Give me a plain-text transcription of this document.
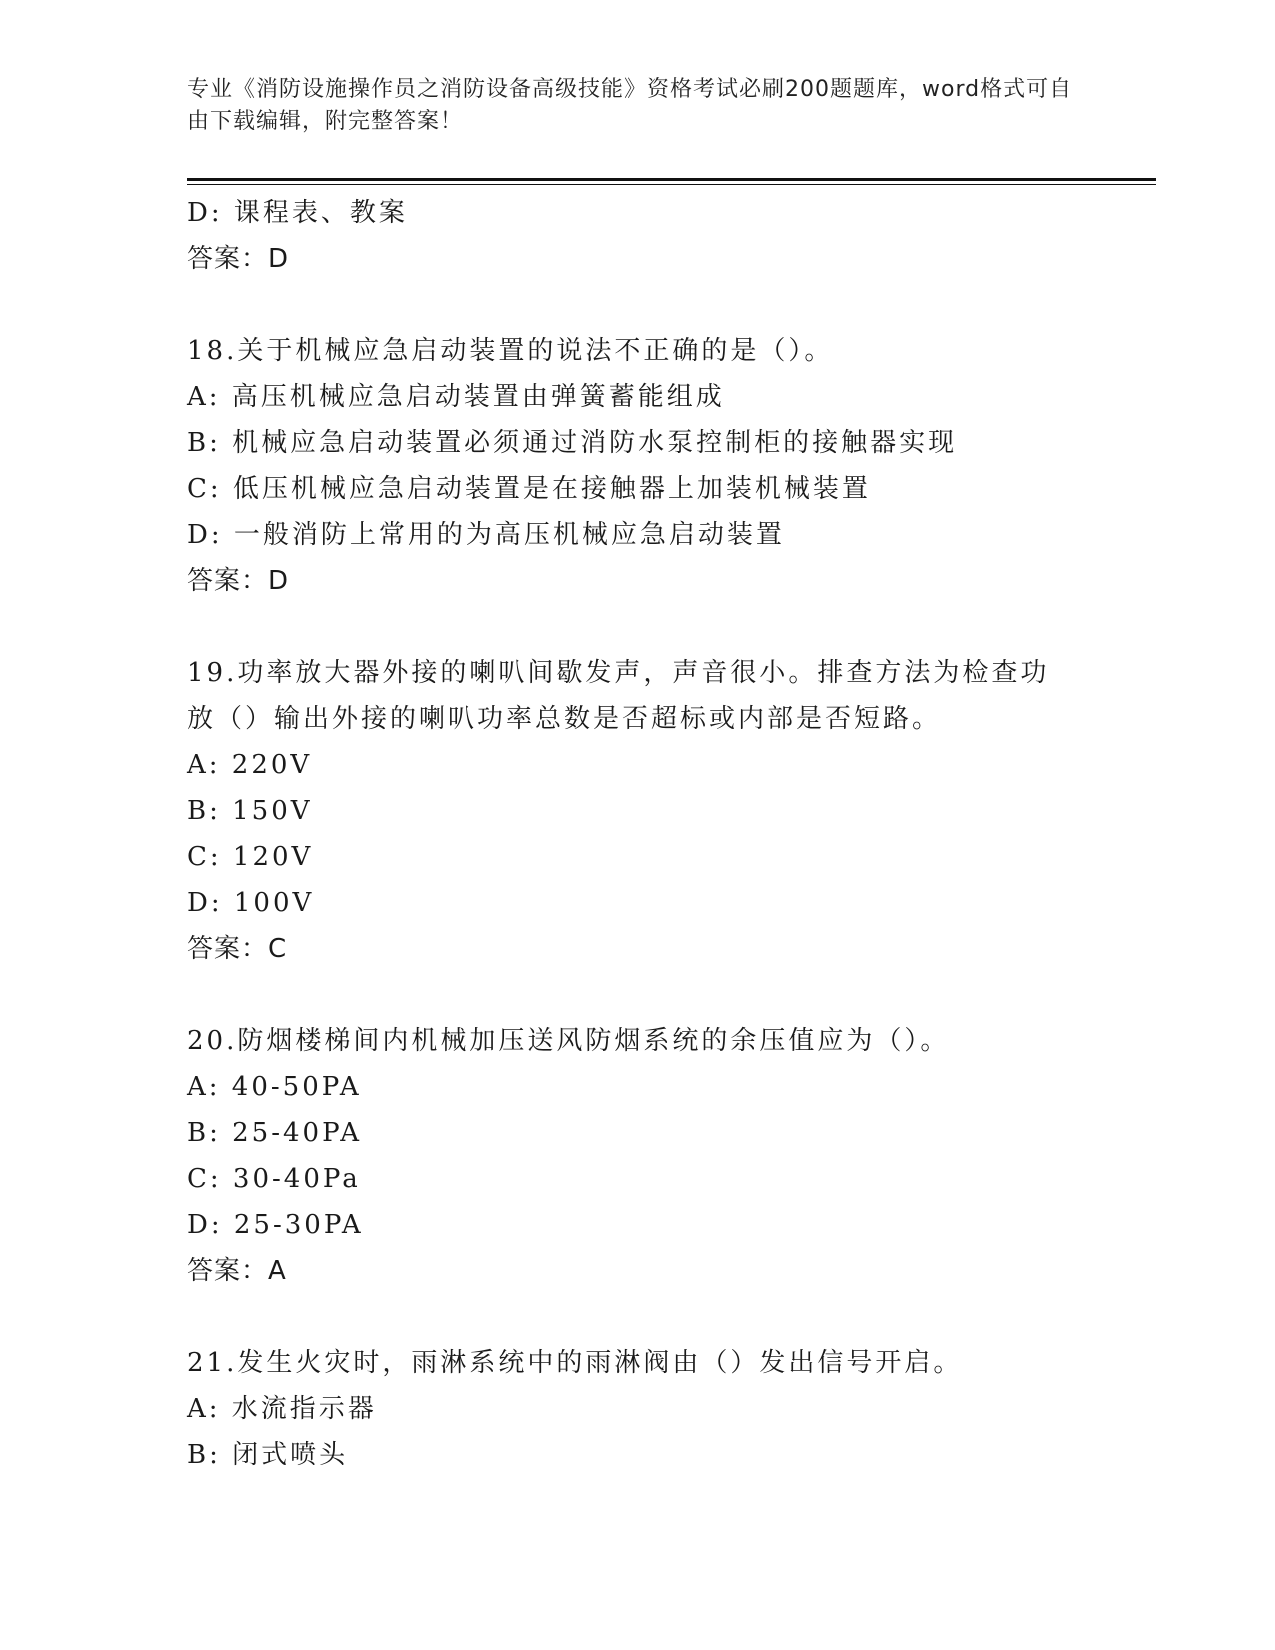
专业《消防设施操作员之消防设备高级技能》资格考试必刷200题题库，word格式可自由下载编辑，附完整答案！
D: 课程表、教案
答案：D
18.关于机械应急启动装置的说法不正确的是（）。
A: 高压机械应急启动装置由弹簧蓄能组成
B: 机械应急启动装置必须通过消防水泵控制柜的接触器实现
C: 低压机械应急启动装置是在接触器上加装机械装置
D: 一般消防上常用的为高压机械应急启动装置
答案：D
19.功率放大器外接的喇叭间歇发声，声音很小。排查方法为检查功放（）输出外接的喇叭功率总数是否超标或内部是否短路。
A: 220V
B: 150V
C: 120V
D: 100V
答案：C
20.防烟楼梯间内机械加压送风防烟系统的余压值应为（）。
A: 40-50PA
B: 25-40PA
C: 30-40Pa
D: 25-30PA
答案：A
21.发生火灾时，雨淋系统中的雨淋阀由（）发出信号开启。
A: 水流指示器
B: 闭式喷头
